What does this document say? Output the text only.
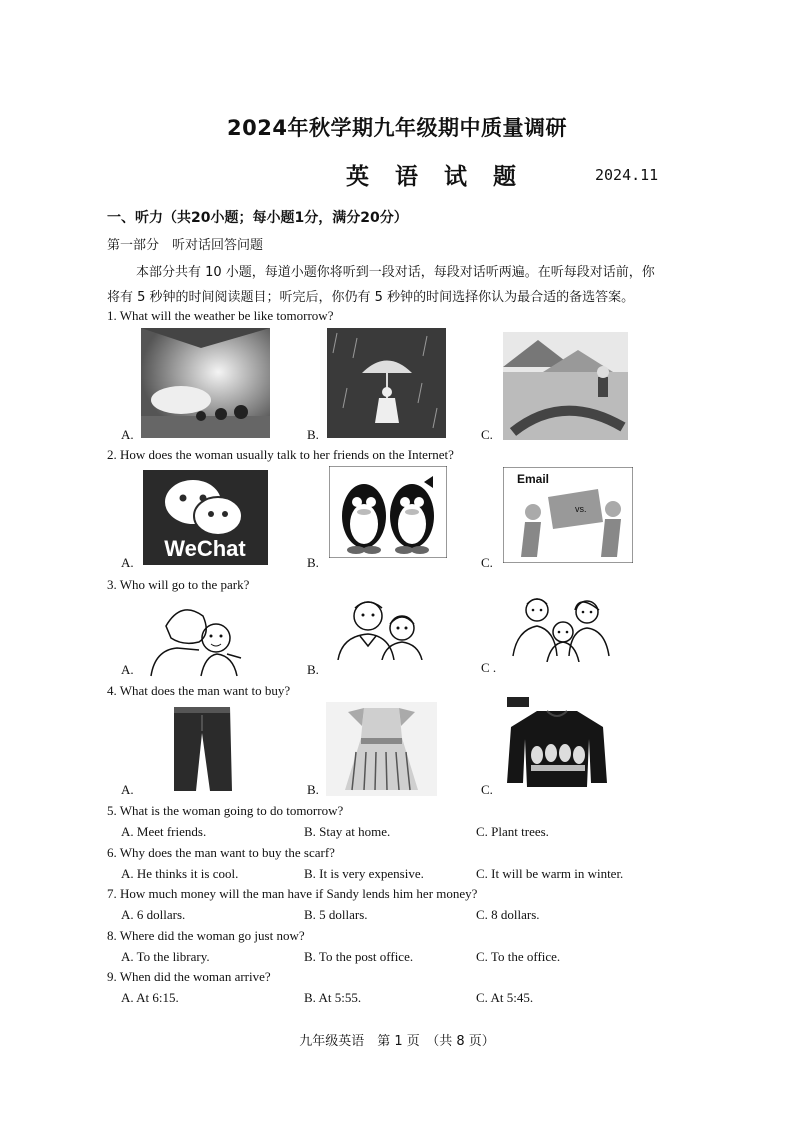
2024年秋学期九年级期中质量调研
英 语 试 题	2024.11
一、听力（共20小题；每小题1分，满分20分）
第一部分　听对话回答问题
本部分共有 10 小题，每道小题你将听到一段对话，每段对话听两遍。在听每段对话前，你
将有 5 秒钟的时间阅读题目；听完后，你仍有 5 秒钟的时间选择你认为最合适的备选答案。
1. What will the weather be like tomorrow?
A.	B.	C.
2. How does the woman usually talk to her friends on the Internet?
A.	B.	C.
WeChat
Email
vs.
3. Who will go to the park?
A.	B.	C .
4. What does the man want to buy?
A.	B.	C.
5. What is the woman going to do tomorrow?
A. Meet friends.	B. Stay at home.	C. Plant trees.
6. Why does the man want to buy the scarf?
A. He thinks it is cool.	B. It is very expensive.	C. It will be warm in winter.
7. How much money will the man have if Sandy lends him her money?
A. 6 dollars.	B. 5 dollars.	C. 8 dollars.
8. Where did the woman go just now?
A. To the library.	B. To the post office.	C. To the office.
9. When did the woman arrive?
A. At 6:15.	B. At 5:55.	C. At 5:45.
九年级英语　第 1 页　（共 8 页）
